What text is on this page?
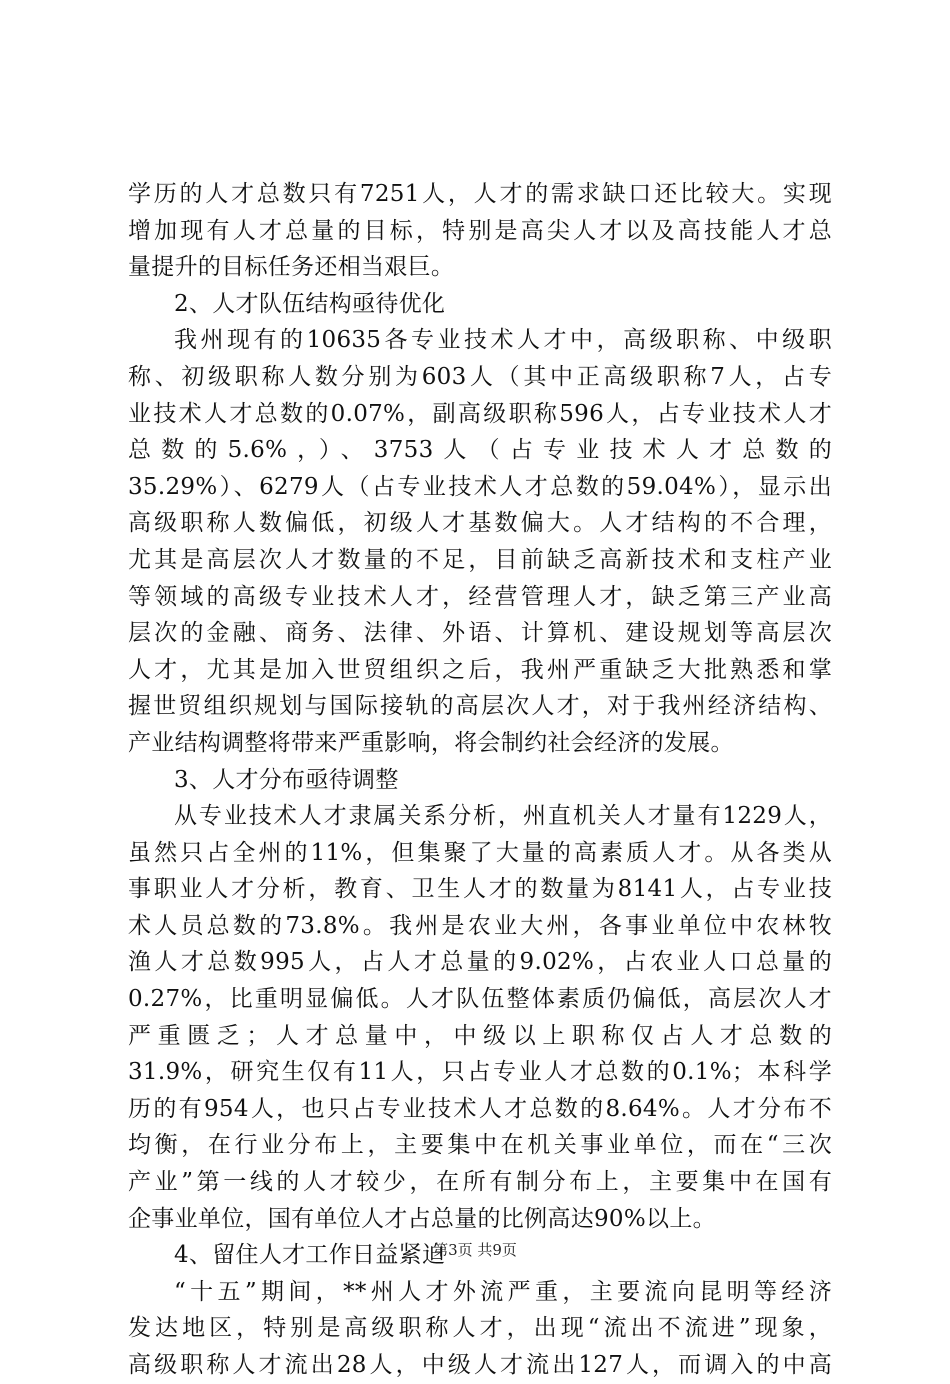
学历的人才总数只有7251人，人才的需求缺口还比较大。实现
增加现有人才总量的目标，特别是高尖人才以及高技能人才总
量提升的目标任务还相当艰巨。
2、人才队伍结构亟待优化
我州现有的10635各专业技术人才中，高级职称、中级职
称、初级职称人数分别为603人（其中正高级职称7人，占专
业技术人才总数的0.07%，副高级职称596人，占专业技术人才
总数的5.6%，）、3753人（占专业技术人才总数的
35.29%）、6279人（占专业技术人才总数的59.04%），显示出
高级职称人数偏低，初级人才基数偏大。人才结构的不合理，
尤其是高层次人才数量的不足，目前缺乏高新技术和支柱产业
等领域的高级专业技术人才，经营管理人才，缺乏第三产业高
层次的金融、商务、法律、外语、计算机、建设规划等高层次
人才，尤其是加入世贸组织之后，我州严重缺乏大批熟悉和掌
握世贸组织规划与国际接轨的高层次人才，对于我州经济结构、
产业结构调整将带来严重影响，将会制约社会经济的发展。
3、人才分布亟待调整
从专业技术人才隶属关系分析，州直机关人才量有1229人，
虽然只占全州的11%，但集聚了大量的高素质人才。从各类从
事职业人才分析，教育、卫生人才的数量为8141人，占专业技
术人员总数的73.8%。我州是农业大州，各事业单位中农林牧
渔人才总数995人，占人才总量的9.02%，占农业人口总量的
0.27%，比重明显偏低。人才队伍整体素质仍偏低，高层次人才
严重匮乏；人才总量中，中级以上职称仅占人才总数的
31.9%，研究生仅有11人，只占专业人才总数的0.1%；本科学
历的有954人，也只占专业技术人才总数的8.64%。人才分布不
均衡，在行业分布上，主要集中在机关事业单位，而在“三次
产业”第一线的人才较少，在所有制分布上，主要集中在国有
企事业单位，国有单位人才占总量的比例高达90%以上。
4、留住人才工作日益紧迫
“十五”期间，**州人才外流严重，主要流向昆明等经济
发达地区，特别是高级职称人才，出现“流出不流进”现象，
高级职称人才流出28人，中级人才流出127人，而调入的中高
第3页 共9页
